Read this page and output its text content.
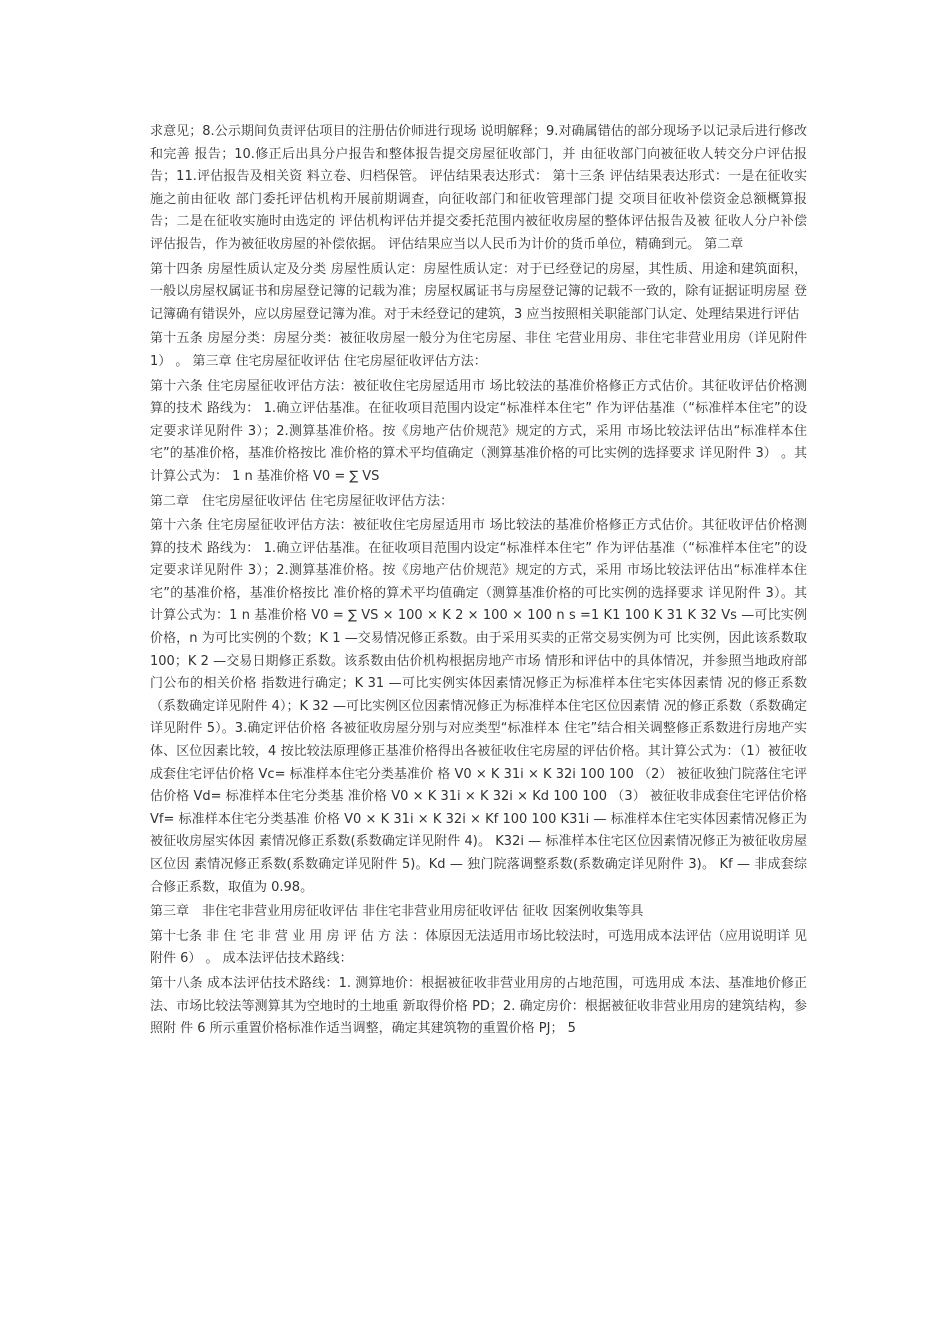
求意见；8.公示期间负责评估项目的注册估价师进行现场 说明解释；9.对确属错估的部分现场予以记录后进行修改和完善 报告；10.修正后出具分户报告和整体报告提交房屋征收部门，并 由征收部门向被征收人转交分户评估报告；11.评估报告及相关资 料立卷、归档保管。 评估结果表达形式： 第十三条 评估结果表达形式：一是在征收实施之前由征收 部门委托评估机构开展前期调查，向征收部门和征收管理部门提 交项目征收补偿资金总额概算报告；二是在征收实施时由选定的 评估机构评估并提交委托范围内被征收房屋的整体评估报告及被 征收人分户补偿评估报告，作为被征收房屋的补偿依据。 评估结果应当以人民币为计价的货币单位，精确到元。 第二章

第十四条 房屋性质认定及分类 房屋性质认定：房屋性质认定：对于已经登记的房屋，其性质、用途和建筑面积，一般以房屋权属证书和房屋登记簿的记载为准；房屋权属证书与房屋登记簿的记载不一致的，除有证据证明房屋 登记簿确有错误外，应以房屋登记簿为准。对于未经登记的建筑，3 应当按照相关职能部门认定、处理结果进行评估

第十五条 房屋分类：房屋分类：被征收房屋一般分为住宅房屋、非住 宅营业用房、非住宅非营业用房（详见附件 1） 。 第三章 住宅房屋征收评估 住宅房屋征收评估方法：

第十六条 住宅房屋征收评估方法：被征收住宅房屋适用市 场比较法的基准价格修正方式估价。其征收评估价格测算的技术 路线为： 1.确立评估基准。在征收项目范围内设定“标准样本住宅” 作为评估基准（“标准样本住宅”的设定要求详见附件 3）；2.测算基准价格。按《房地产估价规范》规定的方式，采用 市场比较法评估出“标准样本住宅”的基准价格，基准价格按比 准价格的算术平均值确定（测算基准价格的可比实例的选择要求 详见附件 3） 。其计算公式为： 1 n 基准价格 V0 = ∑ VS

第二章　住宅房屋征收评估 住宅房屋征收评估方法：

第十六条 住宅房屋征收评估方法：被征收住宅房屋适用市 场比较法的基准价格修正方式估价。其征收评估价格测算的技术 路线为： 1.确立评估基准。在征收项目范围内设定“标准样本住宅” 作为评估基准（“标准样本住宅”的设定要求详见附件 3）；2.测算基准价格。按《房地产估价规范》规定的方式，采用 市场比较法评估出“标准样本住宅”的基准价格，基准价格按比 准价格的算术平均值确定（测算基准价格的可比实例的选择要求 详见附件 3）。其计算公式为：1 n 基准价格 V0 = ∑ VS × 100 × K 2 × 100 × 100 n s =1 K1 100 K 31 K 32 Vs —可比实例价格，n 为可比实例的个数；K 1 —交易情况修正系数。由于采用买卖的正常交易实例为可 比实例，因此该系数取 100；K 2 —交易日期修正系数。该系数由估价机构根据房地产市场 情形和评估中的具体情况，并参照当地政府部门公布的相关价格 指数进行确定；K 31 —可比实例实体因素情况修正为标准样本住宅实体因素情 况的修正系数（系数确定详见附件 4）；K 32 —可比实例区位因素情况修正为标准样本住宅区位因素情 况的修正系数（系数确定详见附件 5）。3.确定评估价格 各被征收房屋分别与对应类型“标准样本 住宅”结合相关调整修正系数进行房地产实体、区位因素比较，4 按比较法原理修正基准价格得出各被征收住宅房屋的评估价格。其计算公式为：（1）被征收成套住宅评估价格 Vc= 标准样本住宅分类基准价 格 V0 × K 31i × K 32i 100 100 （2） 被征收独门院落住宅评估价格 Vd= 标准样本住宅分类基 准价格 V0 × K 31i × K 32i × Kd 100 100 （3） 被征收非成套住宅评估价格 Vf= 标准样本住宅分类基准 价格 V0 × K 31i × K 32i × Kf 100 100 K31i — 标准样本住宅实体因素情况修正为被征收房屋实体因 素情况修正系数(系数确定详见附件 4)。 K32i — 标准样本住宅区位因素情况修正为被征收房屋区位因 素情况修正系数(系数确定详见附件 5)。Kd — 独门院落调整系数(系数确定详见附件 3)。 Kf — 非成套综合修正系数，取值为 0.98。

第三章　非住宅非营业用房征收评估 非住宅非营业用房征收评估 征收 因案例收集等具

第十七条 非 住 宅 非 营 业 用 房 评 估 方 法 ：体原因无法适用市场比较法时，可选用成本法评估（应用说明详 见附件 6） 。 成本法评估技术路线：

第十八条 成本法评估技术路线：1. 测算地价：根据被征收非营业用房的占地范围，可选用成 本法、基准地价修正法、市场比较法等测算其为空地时的土地重 新取得价格 PD；2. 确定房价：根据被征收非营业用房的建筑结构，参照附 件 6 所示重置价格标准作适当调整，确定其建筑物的重置价格 PJ； 5
